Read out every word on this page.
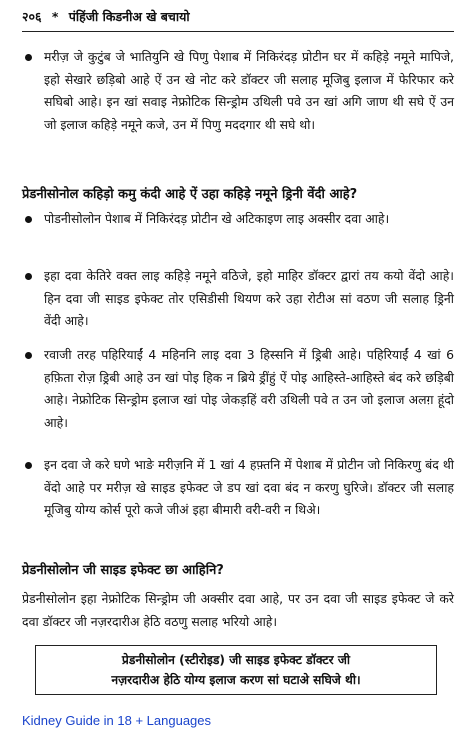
२०६ * पंहिंजी किडनीअ खे बचायो
मरीज़ जे कुटुंब जे भातियुनि खे पिणु पेशाब में निकिरंदड़ प्रोटीन घर में कहिड़े नमूने मापिजे, इहो सेखारे छड़िबो आहे ऐं उन खे नोट करे डॉक्टर जी सलाह मूजिबु इलाज में फेरिफार करे सघिबो आहे। इन खां सवाइ नेफ्रोटिक सिन्ड्रोम उथिली पवे उन खां अगि जाण थी सघे ऐं उन जो इलाज कहिड़े नमूने कजे, उन में पिणु मददगार थी सघे थो।
प्रेडनीसोनोल कहिड़ो कमु कंदी आहे ऐं उहा कहिड़े नमूने ड्रिनी वेंदी आहे?
पोडनीसोलोन पेशाब में निकिरंदड़ प्रोटीन खे अटिकाइण लाइ अक्सीर दवा आहे।
इहा दवा केतिरे वक्त लाइ कहिड़े नमूने वठिजे, इहो माहिर डॉक्टर द्वारां तय कयो वेंदो आहे। हिन दवा जी साइड इफेक्ट तोर एसिडीसी थियण करे उहा रोटीअ सां वठण जी सलाह ड्रिनी वेंदी आहे।
रवाजी तरह पहिरियाईं 4 महिननि लाइ दवा 3 हिस्सनि में ड्रिबी आहे। पहिरियाईं 4 खां 6 हफ़िता रोज़ ड्रिबी आहे उन खां पोइ हिक न ब्रिये ड्रींहुं ऐं पोइ आहिस्ते-आहिस्ते बंद करे छड़िबी आहे। नेफ्रोटिक सिन्ड्रोम इलाज खां पोइ जेकड़हिं वरी उथिली पवे त उन जो इलाज अलग़ हूंदो आहे।
इन दवा जे करे घणे भाङे मरीज़नि में 1 खां 4 हफ़्तनि में पेशाब में प्रोटीन जो निकिरणु बंद थी वेंदो आहे पर मरीज़ खे साइड इफेक्ट जे डप खां दवा बंद न करणु घुरिजे। डॉक्टर जी सलाह मूजिबु योग्य कोर्स पूरो कजे जीअं इहा बीमारी वरी-वरी न थिअे।
प्रेडनीसोलोन जी साइड इफेक्ट छा आहिनि?
प्रेडनीसोलोन इहा नेफ्रोटिक सिन्ड्रोम जी अक्सीर दवा आहे, पर उन दवा जी साइड इफेक्ट जे करे दवा डॉक्टर जी नज़रदारीअ हेठि वठणु सलाह भरियो आहे।
प्रेडनीसोलोन (स्टीरोइड) जी साइड इफेक्ट डॉक्टर जी
नज़रदारीअ हेठि योग्य इलाज करण सां घटाअे सघिजे थी।
Kidney Guide in 18 + Languages
